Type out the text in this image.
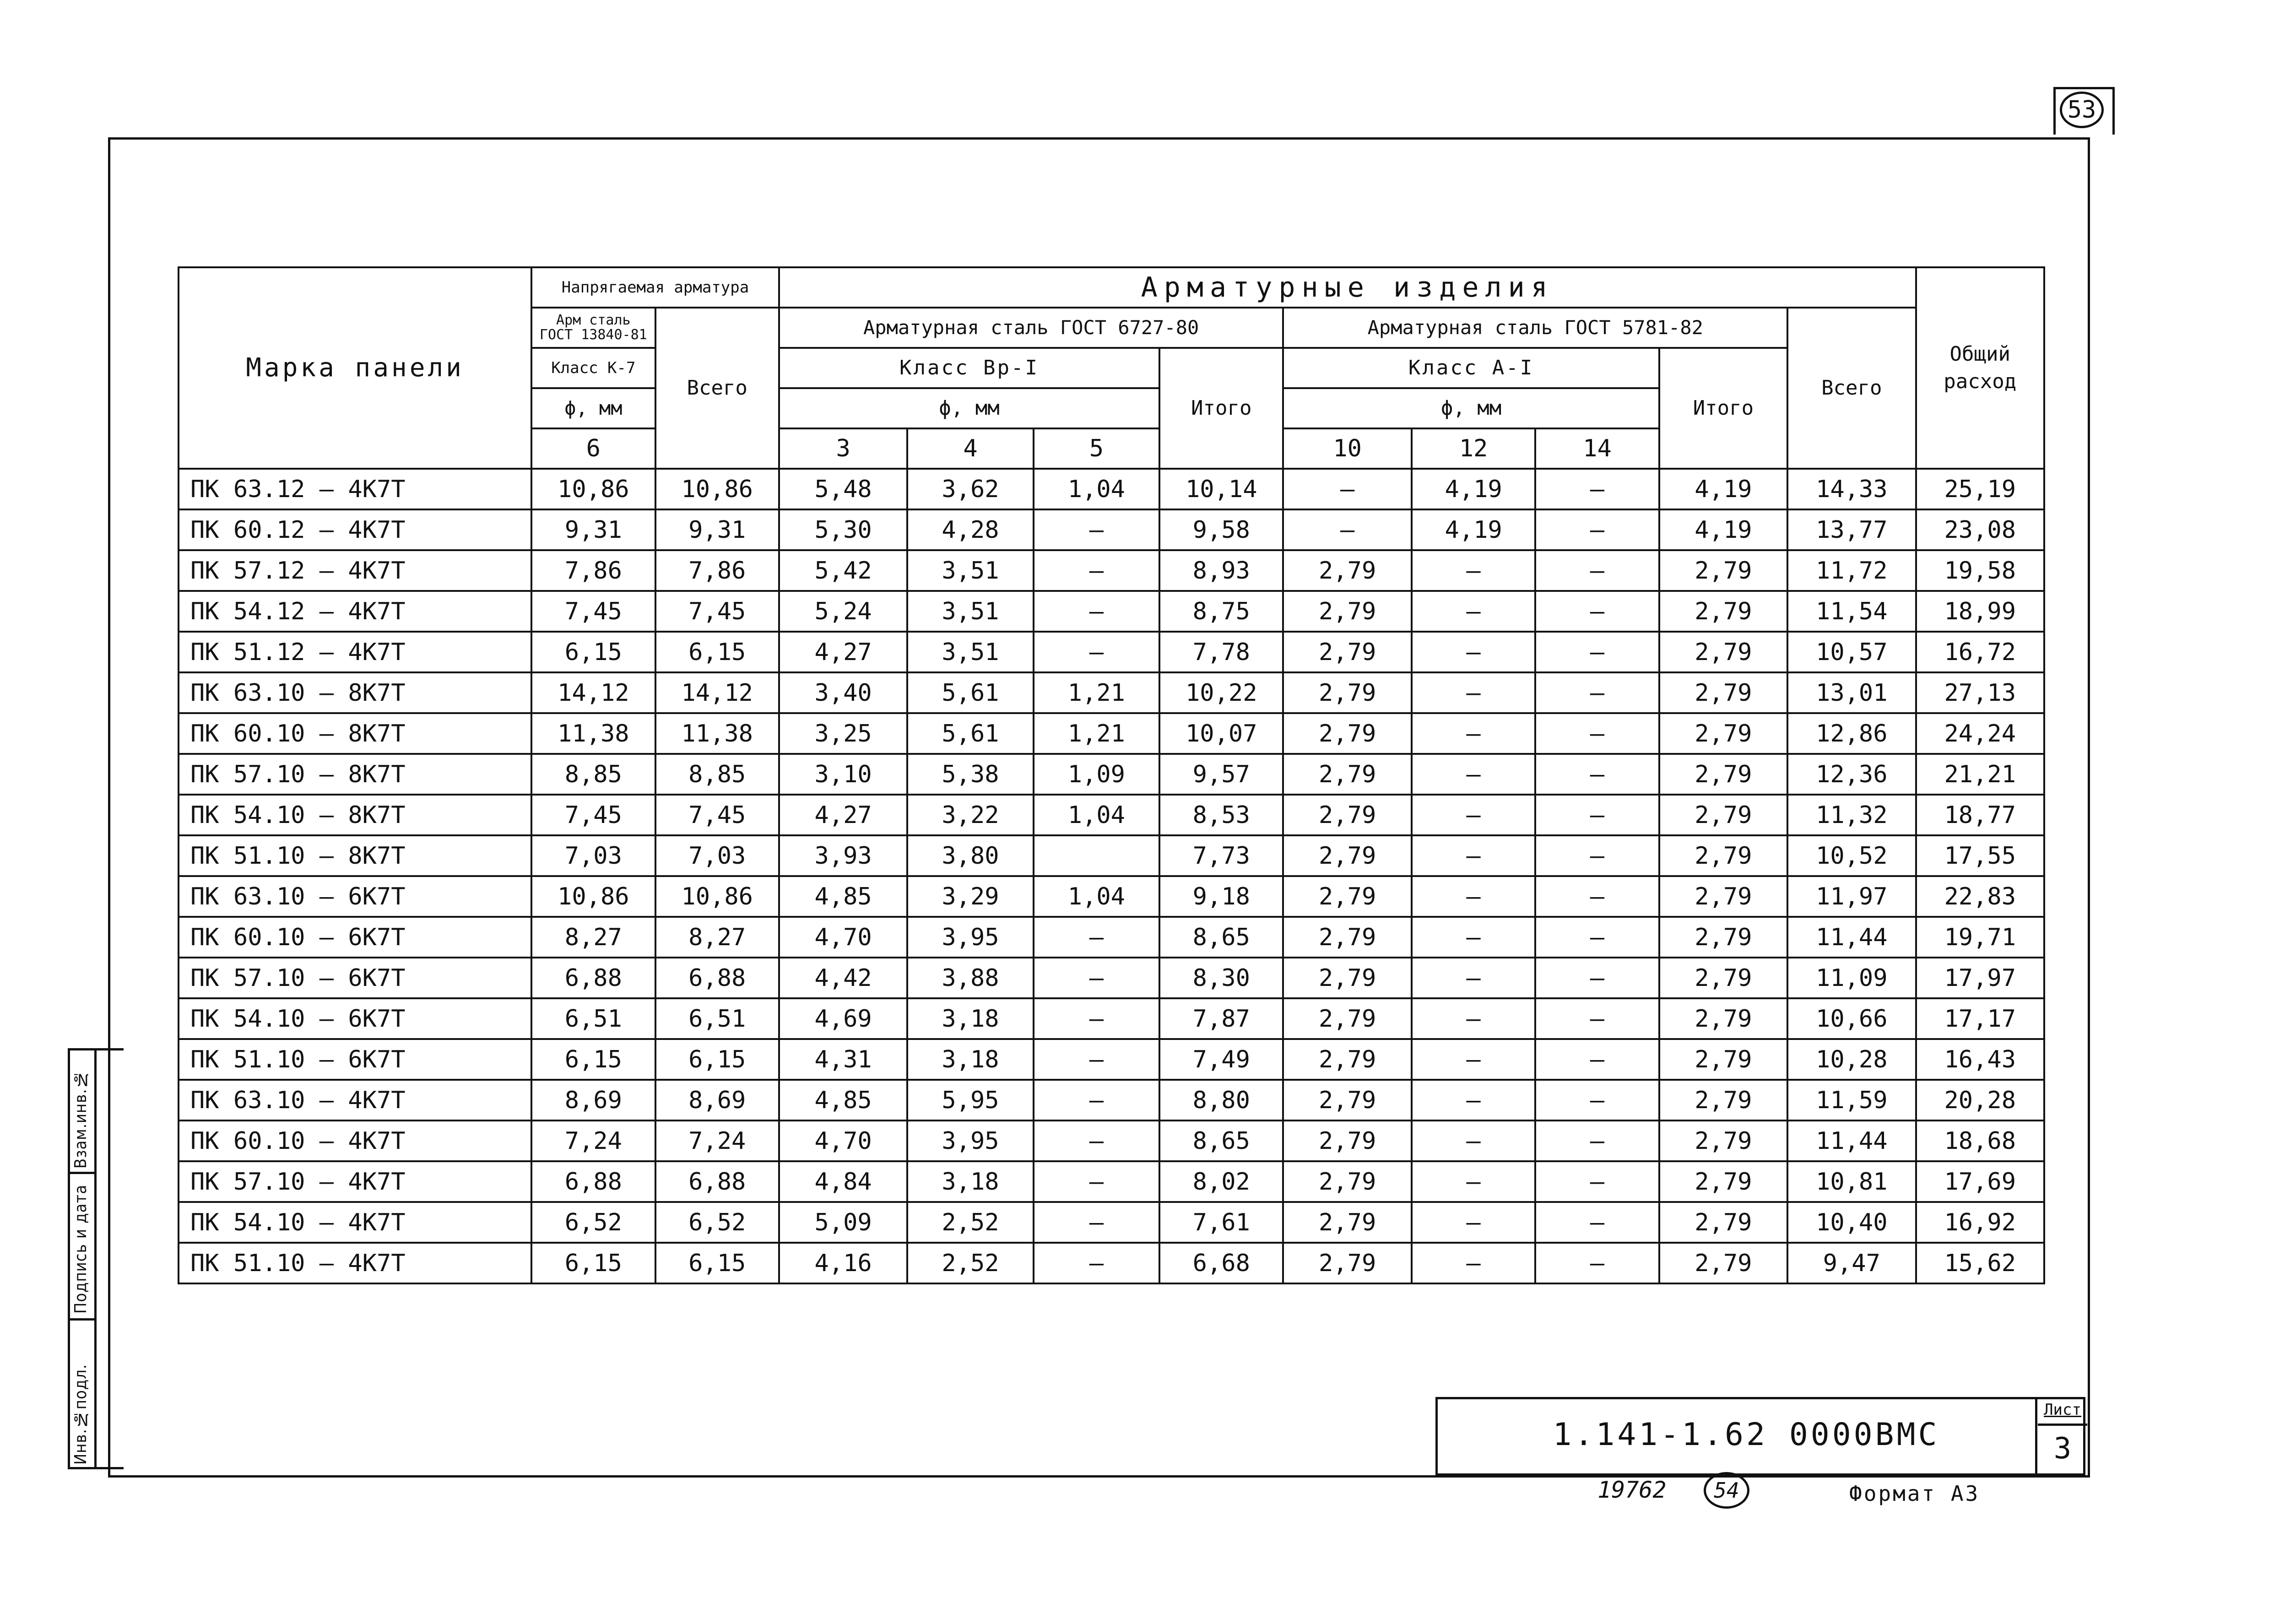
53
Инв.№подл.
Подпись и дата
Взам.инв.№
Марка панели	Напрягаемая арматура		Арматурные изделия									Общий расход
	Арм сталь ГОСТ 13840-81	Всего	Арматурная сталь ГОСТ 6727-80				Арматурная сталь ГОСТ 5781-82				Всего	
	Класс К-7		Класс Вр-I			Итого	Класс А-I			Итого		
	ϕ, мм		ϕ, мм				ϕ, мм					
	6		3	4	5		10	12	14			
ПК 63.12 – 4К7Т	10,86	10,86	5,48	3,62	1,04	10,14	–	4,19	–	4,19	14,33	25,19
ПК 60.12 – 4К7Т	9,31	9,31	5,30	4,28	–	9,58	–	4,19	–	4,19	13,77	23,08
ПК 57.12 – 4К7Т	7,86	7,86	5,42	3,51	–	8,93	2,79	–	–	2,79	11,72	19,58
ПК 54.12 – 4К7Т	7,45	7,45	5,24	3,51	–	8,75	2,79	–	–	2,79	11,54	18,99
ПК 51.12 – 4К7Т	6,15	6,15	4,27	3,51	–	7,78	2,79	–	–	2,79	10,57	16,72
ПК 63.10 – 8К7Т	14,12	14,12	3,40	5,61	1,21	10,22	2,79	–	–	2,79	13,01	27,13
ПК 60.10 – 8К7Т	11,38	11,38	3,25	5,61	1,21	10,07	2,79	–	–	2,79	12,86	24,24
ПК 57.10 – 8К7Т	8,85	8,85	3,10	5,38	1,09	9,57	2,79	–	–	2,79	12,36	21,21
ПК 54.10 – 8К7Т	7,45	7,45	4,27	3,22	1,04	8,53	2,79	–	–	2,79	11,32	18,77
ПК 51.10 – 8К7Т	7,03	7,03	3,93	3,80		7,73	2,79	–	–	2,79	10,52	17,55
ПК 63.10 – 6К7Т	10,86	10,86	4,85	3,29	1,04	9,18	2,79	–	–	2,79	11,97	22,83
ПК 60.10 – 6К7Т	8,27	8,27	4,70	3,95	–	8,65	2,79	–	–	2,79	11,44	19,71
ПК 57.10 – 6К7Т	6,88	6,88	4,42	3,88	–	8,30	2,79	–	–	2,79	11,09	17,97
ПК 54.10 – 6К7Т	6,51	6,51	4,69	3,18	–	7,87	2,79	–	–	2,79	10,66	17,17
ПК 51.10 – 6К7Т	6,15	6,15	4,31	3,18	–	7,49	2,79	–	–	2,79	10,28	16,43
ПК 63.10 – 4К7Т	8,69	8,69	4,85	5,95	–	8,80	2,79	–	–	2,79	11,59	20,28
ПК 60.10 – 4К7Т	7,24	7,24	4,70	3,95	–	8,65	2,79	–	–	2,79	11,44	18,68
ПК 57.10 – 4К7Т	6,88	6,88	4,84	3,18	–	8,02	2,79	–	–	2,79	10,81	17,69
ПК 54.10 – 4К7Т	6,52	6,52	5,09	2,52	–	7,61	2,79	–	–	2,79	10,40	16,92
ПК 51.10 – 4К7Т	6,15	6,15	4,16	2,52	–	6,68	2,79	–	–	2,79	9,47	15,62
1.141-1.62 0000ВМС
Лист
3
19762	54	Формат А3
